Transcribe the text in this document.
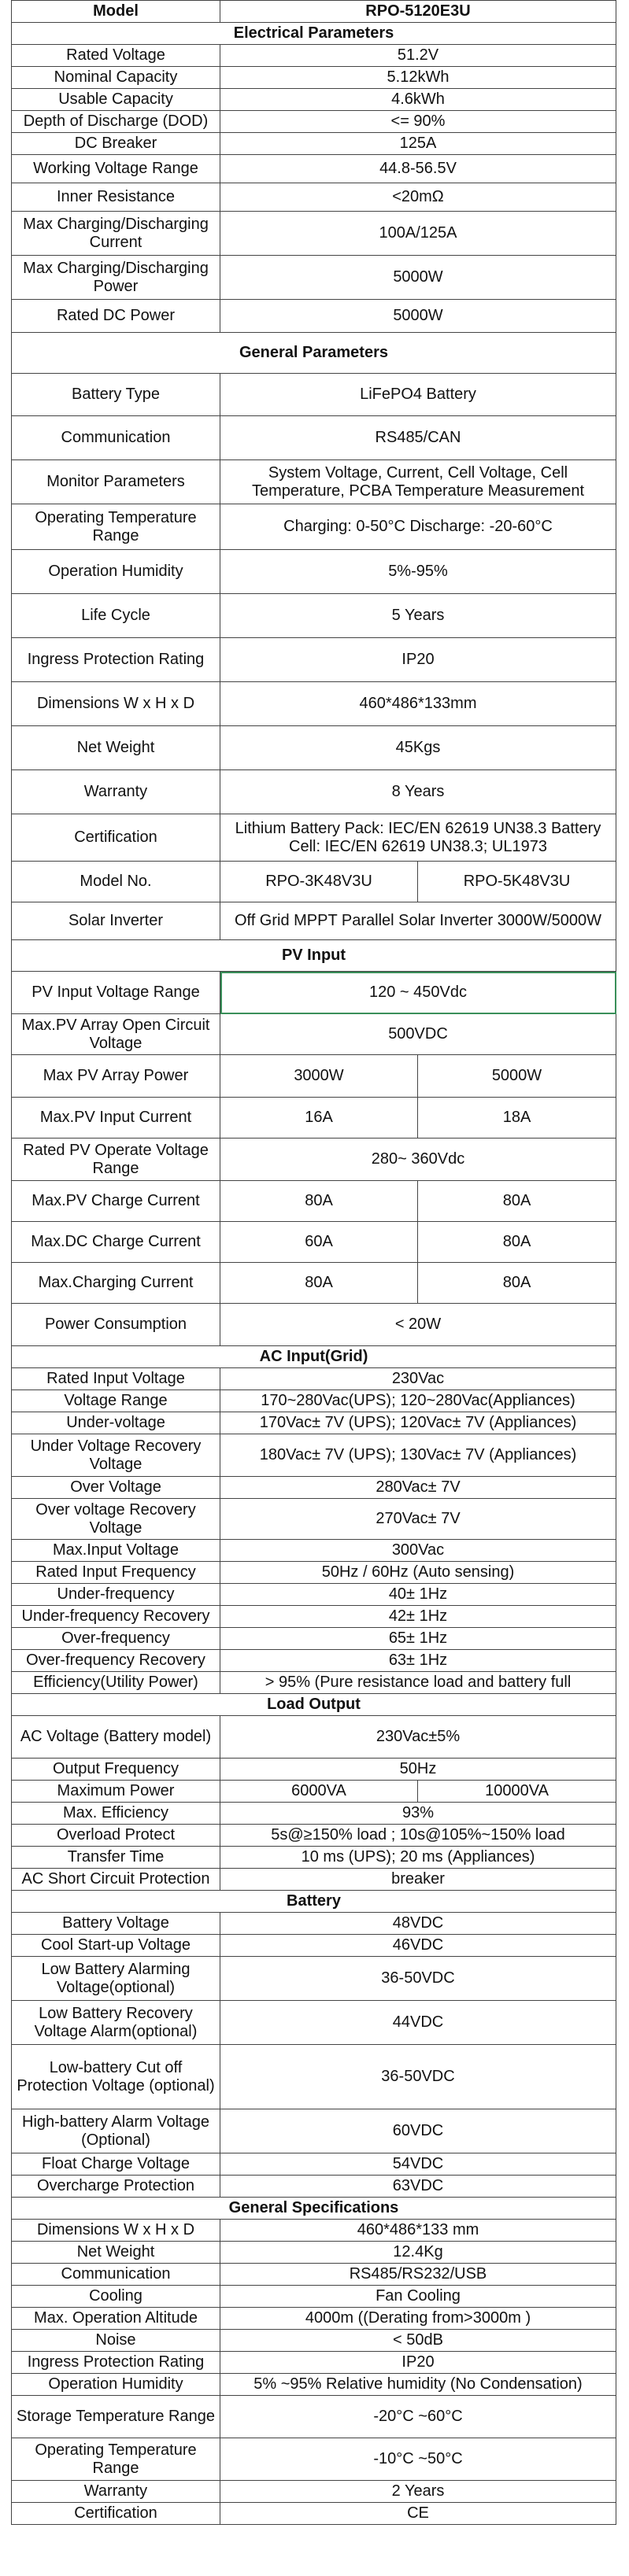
Model	RPO-5120E3U	
Electrical Parameters		
Rated Voltage	51.2V	
Nominal Capacity	5.12kWh	
Usable Capacity	4.6kWh	
Depth of Discharge (DOD)	<= 90%	
DC Breaker	125A	
Working Voltage Range	44.8-56.5V	
Inner Resistance	<20mΩ	
Max Charging/Discharging Current	100A/125A	
Max Charging/Discharging Power	5000W	
Rated DC Power	5000W	
General Parameters		
Battery Type	LiFePO4 Battery	
Communication	RS485/CAN	
Monitor Parameters	System Voltage, Current, Cell Voltage, Cell Temperature, PCBA Temperature Measurement	
Operating Temperature Range	Charging: 0-50°C Discharge: -20-60°C	
Operation Humidity	5%-95%	
Life Cycle	5 Years	
Ingress Protection Rating	IP20	
Dimensions W x H x D	460*486*133mm	
Net Weight	45Kgs	
Warranty	8 Years	
Certification	Lithium Battery Pack: IEC/EN 62619 UN38.3 Battery Cell: IEC/EN 62619 UN38.3; UL1973	
Model No.	RPO-3K48V3U	RPO-5K48V3U
Solar Inverter	Off Grid MPPT Parallel Solar Inverter 3000W/5000W	
PV Input		
PV Input Voltage Range	120 ~ 450Vdc	
Max.PV Array Open Circuit Voltage	500VDC	
Max PV Array Power	3000W	5000W
Max.PV Input Current	16A	18A
Rated PV Operate Voltage Range	280~ 360Vdc	
Max.PV Charge Current	80A	80A
Max.DC Charge Current	60A	80A
Max.Charging Current	80A	80A
Power Consumption	< 20W	
AC Input(Grid)		
Rated Input Voltage	230Vac	
Voltage Range	170~280Vac(UPS); 120~280Vac(Appliances)	
Under-voltage	170Vac± 7V (UPS); 120Vac± 7V (Appliances)	
Under Voltage Recovery Voltage	180Vac± 7V (UPS); 130Vac± 7V (Appliances)	
Over Voltage	280Vac± 7V	
Over voltage Recovery Voltage	270Vac± 7V	
Max.Input Voltage	300Vac	
Rated Input Frequency	50Hz / 60Hz (Auto sensing)	
Under-frequency	40± 1Hz	
Under-frequency Recovery	42± 1Hz	
Over-frequency	65± 1Hz	
Over-frequency Recovery	63± 1Hz	
Efficiency(Utility Power)	> 95% (Pure resistance load and battery full	
Load Output		
AC Voltage (Battery model)	230Vac±5%	
Output Frequency	50Hz	
Maximum Power	6000VA	10000VA
Max. Efficiency	93%	
Overload Protect	5s@≥150% load ; 10s@105%~150% load	
Transfer Time	10 ms (UPS); 20 ms (Appliances)	
AC Short Circuit Protection	breaker	
Battery		
Battery Voltage	48VDC	
Cool Start-up Voltage	46VDC	
Low Battery Alarming Voltage(optional)	36-50VDC	
Low Battery Recovery Voltage Alarm(optional)	44VDC	
Low-battery Cut off Protection Voltage (optional)	36-50VDC	
High-battery Alarm Voltage (Optional)	60VDC	
Float Charge Voltage	54VDC	
Overcharge Protection	63VDC	
General Specifications		
Dimensions W x H x D	460*486*133 mm	
Net Weight	12.4Kg	
Communication	RS485/RS232/USB	
Cooling	Fan Cooling	
Max. Operation Altitude	4000m ((Derating from>3000m )	
Noise	< 50dB	
Ingress Protection Rating	IP20	
Operation Humidity	5% ~95% Relative humidity (No Condensation)	
Storage Temperature Range	-20°C ~60°C	
Operating Temperature Range	-10°C ~50°C	
Warranty	2 Years	
Certification	CE	
